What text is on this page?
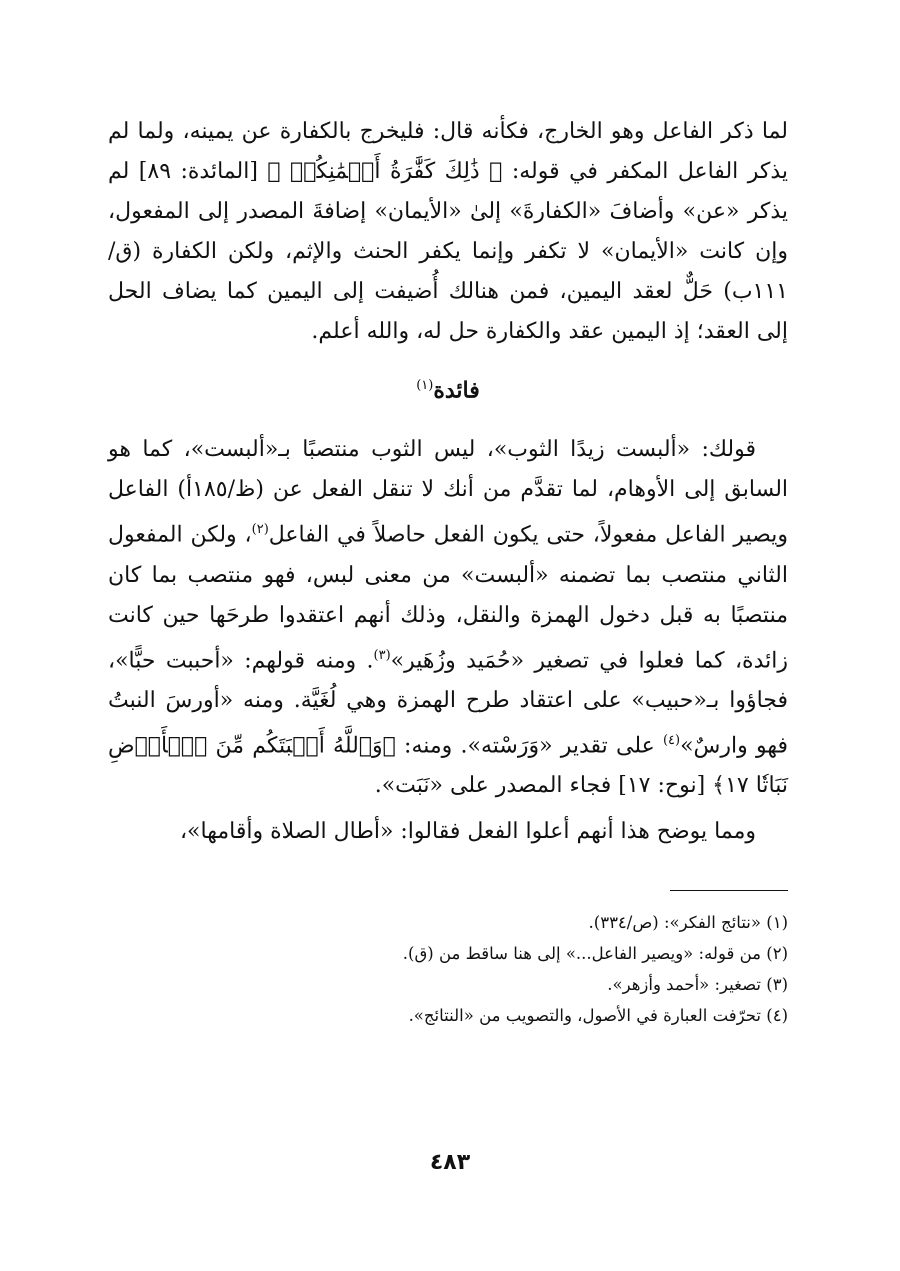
لما ذكر الفاعل وهو الخارج، فكأنه قال: فليخرج بالكفارة عن يمينه، ولما لم يذكر الفاعل المكفر في قوله: ﴿ ذَٰلِكَ كَفَّٰرَةُ أَيۡمَٰنِكُمۡ ﴾ [المائدة: ٨٩] لم يذكر «عن» وأضافَ «الكفارةَ» إلىٰ «الأيمان» إضافةَ المصدر إلى المفعول، وإن كانت «الأيمان» لا تكفر وإنما يكفر الحنث والإثم، ولكن الكفارة (ق/١١١ب) حَلٌّ لعقد اليمين، فمن هنالك أُضيفت إلى اليمين كما يضاف الحل إلى العقد؛ إذ اليمين عقد والكفارة حل له، والله أعلم.

فائدة$^{(١)}$

قولك: «ألبست زيدًا الثوب»، ليس الثوب منتصبًا بـ«ألبست»، كما هو السابق إلى الأوهام، لما تقدَّم من أنك لا تنقل الفعل عن (ظ/١٨٥أ) الفاعل ويصير الفاعل مفعولاً، حتى يكون الفعل حاصلاً في الفاعل$^{(٢)}$، ولكن المفعول الثاني منتصب بما تضمنه «ألبست» من معنى لبس، فهو منتصب بما كان منتصبًا به قبل دخول الهمزة والنقل، وذلك أنهم اعتقدوا طرحَها حين كانت زائدة، كما فعلوا في تصغير «حُمَيد وزُهَير»$^{(٣)}$. ومنه قولهم: «أحببت حبًّا»، فجاؤوا بـ«حبيب» على اعتقاد طرح الهمزة وهي لُغَيَّة. ومنه «أورسَ النبتُ فهو وارسٌ»$^{(٤)}$ على تقدير «وَرَسْته». ومنه: ﴿وَٱللَّهُ أَنۢبَتَكُم مِّنَ ٱلۡأَرۡضِ نَبَاتٗا ١٧﴾ [نوح: ١٧] فجاء المصدر على «نَبَت».

ومما يوضح هذا أنهم أعلوا الفعل فقالوا: «أطال الصلاة وأقامها»،

(١) «نتائج الفكر»: (ص/٣٣٤).

(٢) من قوله: «ويصير الفاعل...» إلى هنا ساقط من (ق).

(٣) تصغير: «أحمد وأزهر».

(٤) تحرّفت العبارة في الأصول، والتصويب من «النتائج».

٤٨٣
